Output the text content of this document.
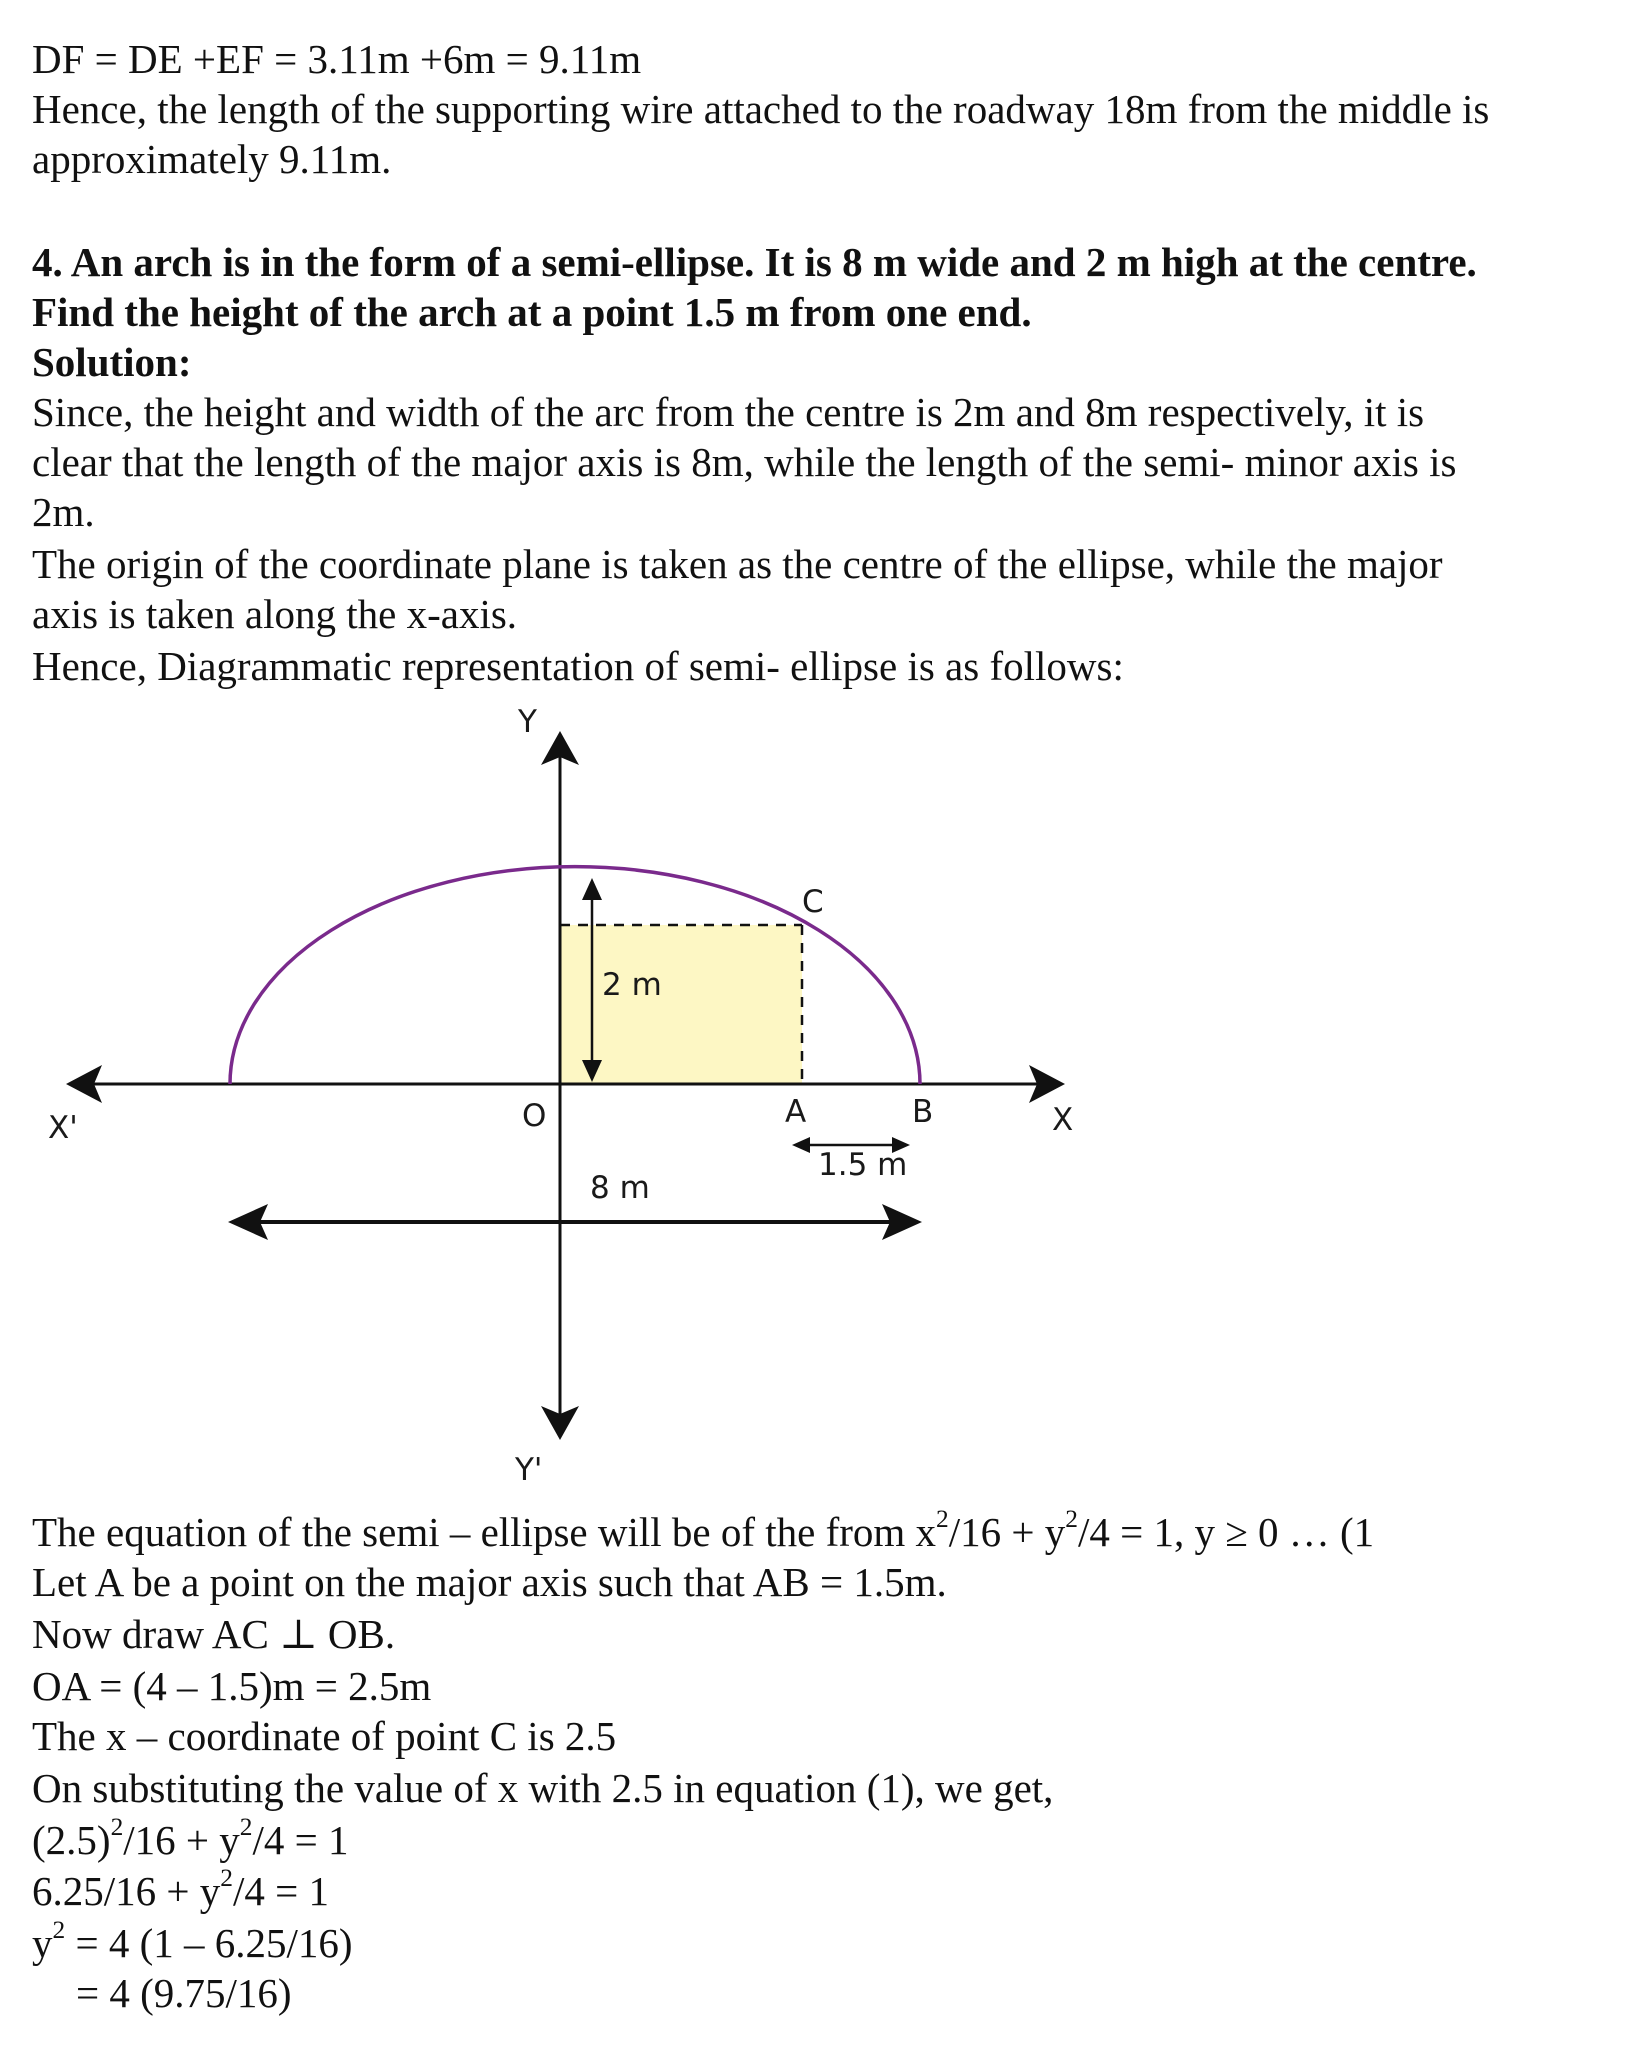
DF = DE +EF = 3.11m +6m = 9.11m
Hence, the length of the supporting wire attached to the roadway 18m from the middle is
approximately 9.11m.
4. An arch is in the form of a semi-ellipse. It is 8 m wide and 2 m high at the centre.
Find the height of the arch at a point 1.5 m from one end.
Solution:
Since, the height and width of the arc from the centre is 2m and 8m respectively, it is
clear that the length of the major axis is 8m, while the length of the semi- minor axis is
2m.
The origin of the coordinate plane is taken as the centre of the ellipse, while the major
axis is taken along the x-axis.
Hence, Diagrammatic representation of semi- ellipse is as follows:
Y
Y'
X
X'	O	A	B
C
2 m
8 m
1.5 m
The equation of the semi – ellipse will be of the from $x^2/16 + y^2/4 = 1$, y ≥ 0 … (1
Let A be a point on the major axis such that AB = 1.5m.
Now draw AC ⊥ OB.
OA = (4 – 1.5)m = 2.5m
The x – coordinate of point C is 2.5
On substituting the value of x with 2.5 in equation (1), we get,
$(2.5)^2/16 + y^2/4 = 1$
$6.25/16 + y^2/4 = 1$
$y^2 = 4$ (1 – 6.25/16)
= 4 (9.75/16)
